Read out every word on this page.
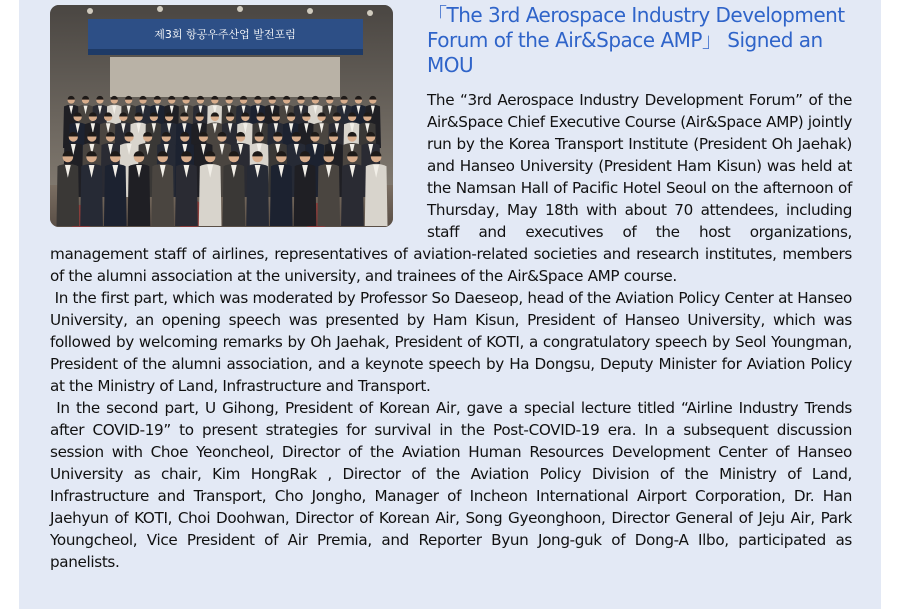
제3회 항공우주산업 발전포럼
「The 3rd Aerospace Industry Development Forum of the Air&Space AMP」 Signed an MOU

The “3rd Aerospace Industry Development Forum” of the Air&Space Chief Executive Course (Air&Space AMP) jointly run by the Korea Transport Institute (President Oh Jaehak) and Hanseo University (President Ham Kisun) was held at the Namsan Hall of Pacific Hotel Seoul on the afternoon of Thursday, May 18th with about 70 attendees, including staff and executives of the host organizations, management staff of airlines, representatives of aviation-related societies and research institutes, members of the alumni association at the university, and trainees of the Air&Space AMP course.

In the first part, which was moderated by Professor So Daeseop, head of the Aviation Policy Center at Hanseo University, an opening speech was presented by Ham Kisun, President of Hanseo University, which was followed by welcoming remarks by Oh Jaehak, President of KOTI, a congratulatory speech by Seol Youngman, President of the alumni association, and a keynote speech by Ha Dongsu, Deputy Minister for Aviation Policy at the Ministry of Land, Infrastructure and Transport.

In the second part, U Gihong, President of Korean Air, gave a special lecture titled “Airline Industry Trends after COVID-19” to present strategies for survival in the Post-COVID-19 era. In a subsequent discussion session with Choe Yeoncheol, Director of the Aviation Human Resources Development Center of Hanseo University as chair, Kim HongRak , Director of the Aviation Policy Division of the Ministry of Land, Infrastructure and Transport, Cho Jongho, Manager of Incheon International Airport Corporation, Dr. Han Jaehyun of KOTI, Choi Doohwan, Director of Korean Air, Song Gyeonghoon, Director General of Jeju Air, Park Youngcheol, Vice President of Air Premia, and Reporter Byun Jong-guk of Dong-A Ilbo, participated as panelists.
